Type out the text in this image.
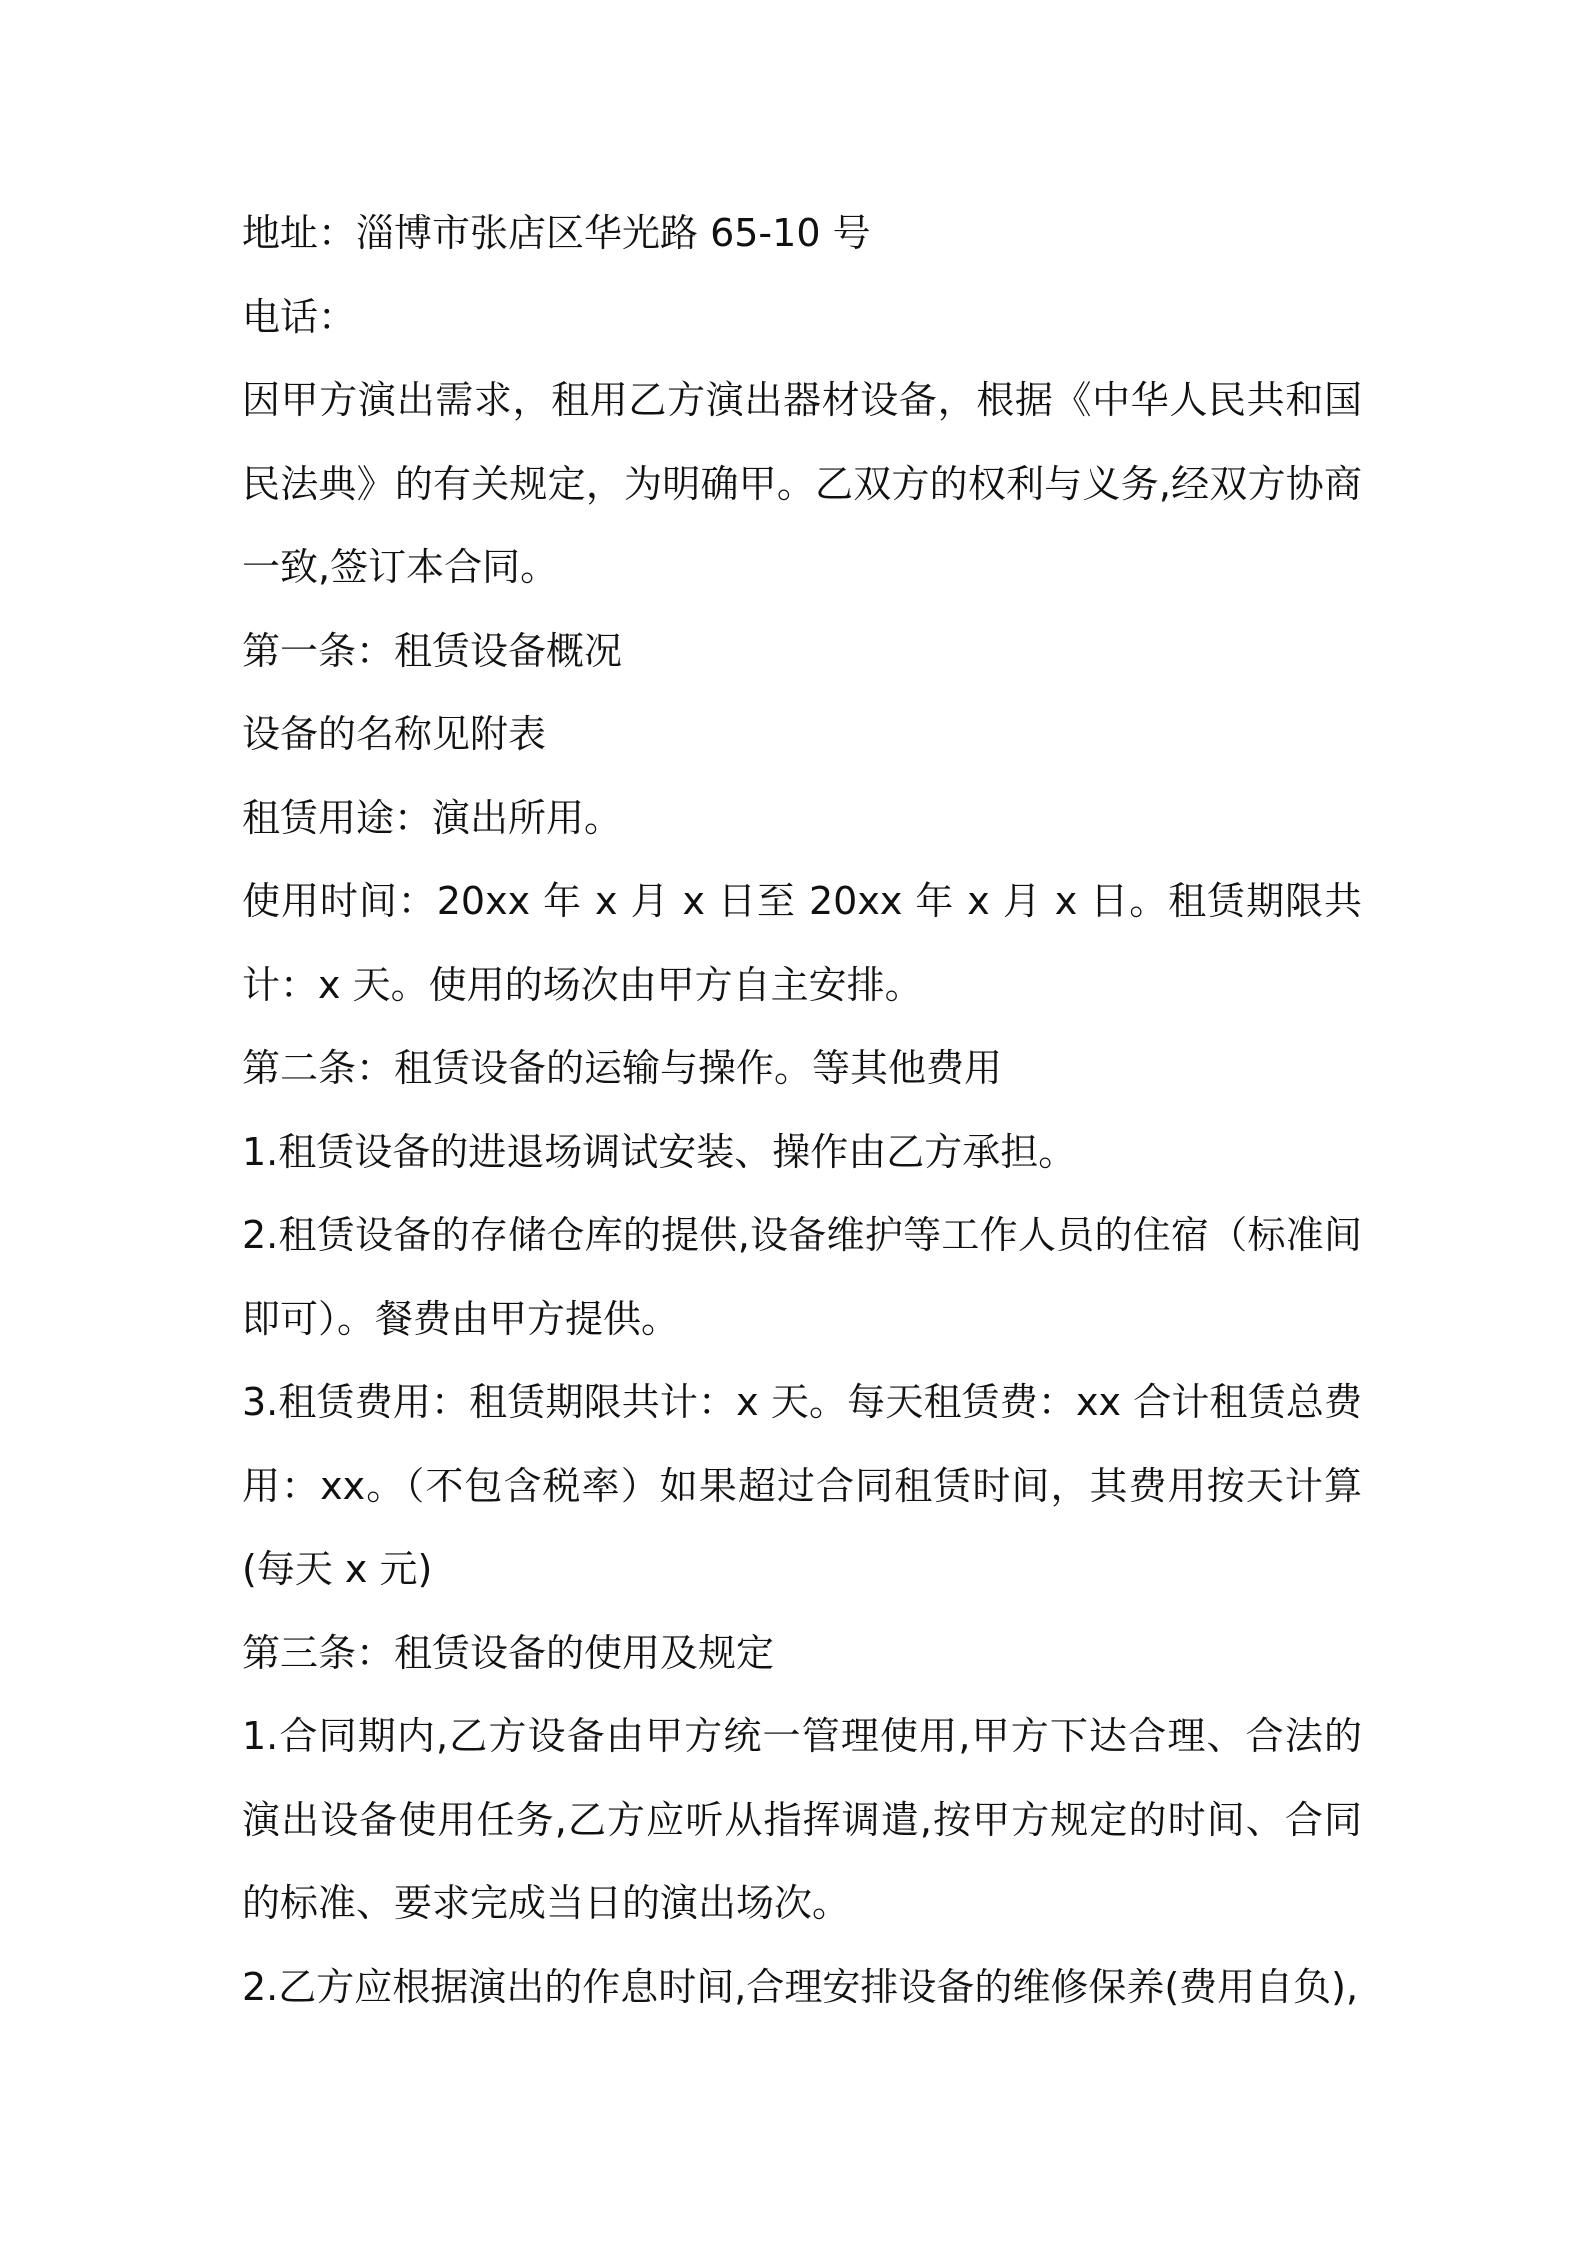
地址：淄博市张店区华光路 65-10 号

电话：

因甲方演出需求，租用乙方演出器材设备，根据《中华人民共和国民法典》的有关规定，为明确甲。乙双方的权利与义务,经双方协商一致,签订本合同。

第一条：租赁设备概况

设备的名称见附表

租赁用途：演出所用。

使用时间：20xx 年 x 月 x 日至 20xx 年 x 月 x 日。租赁期限共计：x 天。使用的场次由甲方自主安排。

第二条：租赁设备的运输与操作。等其他费用

1.租赁设备的进退场调试安装、操作由乙方承担。

2.租赁设备的存储仓库的提供,设备维护等工作人员的住宿（标准间即可）。餐费由甲方提供。

3.租赁费用：租赁期限共计：x 天。每天租赁费：xx 合计租赁总费用：xx。（不包含税率）如果超过合同租赁时间，其费用按天计算(每天 x 元)

第三条：租赁设备的使用及规定

1.合同期内,乙方设备由甲方统一管理使用,甲方下达合理、合法的演出设备使用任务,乙方应听从指挥调遣,按甲方规定的时间、合同的标准、要求完成当日的演出场次。

2.乙方应根据演出的作息时间,合理安排设备的维修保养(费用自负),
